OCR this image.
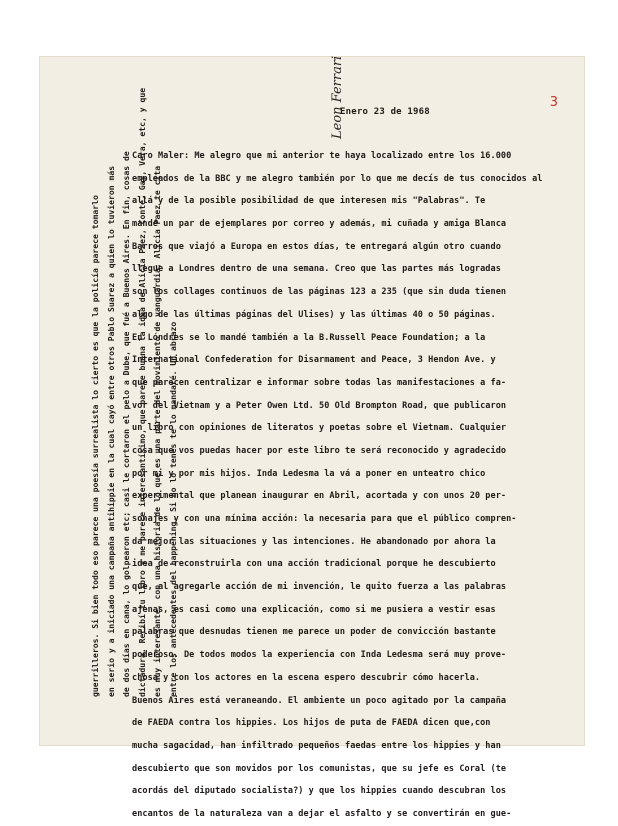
3
Enero 23 de 1968
Leon Ferrari
Caro Maler: Me alegro que mi anterior te haya localizado entre los 16.000
empleados de la BBC y me alegro también por lo que me decís de tus conocidos al
allá y de la posible posibilidad de que interesen mis "Palabras". Te
mandé un par de ejemplares por correo y además, mi cuñada y amiga Blanca
Barros que viajó a Europa en estos días, te entregará algún otro cuando
llegue a Londres dentro de una semana. Creo que las partes más logradas
son los collages continuos de las páginas 123 a 235 (que sin duda tienen
algo de las últimas páginas del Ulises) y las últimas 40 o 50 páginas.
En Lóndres se lo mandé también a la B.Russell Peace Foundation; a la
International Confederation for Disarmament and Peace, 3 Hendon Ave. y
que parecen centralizar e informar sobre todas las manifestaciones a fa-
vor del Vietnam y a Peter Owen Ltd. 50 Old Brompton Road, que publicaron
un libro con opiniones de literatos y poetas sobre el Vietnam. Cualquier
cosa que vos puedas hacer por este libro te será reconocido y agradecido
por mi y por mis hijos. Inda Ledesma la vá a poner en unteatro chico
experimental que planean inaugurar en Abril, acortada y con unos 20 per-
sonajes y con una mínima acción: la necesaria para que el público compren-
da mejor las situaciones y las intenciones. He abandonado por ahora la
idea de reconstruirla con una acción tradicional porque he descubierto
que, al agregarle acción de mi invención, le quito fuerza a las palabras
ajenas, es casi como una explicación, como si me pusiera a vestir esas
palabras que desnudas tienen me parece un poder de convicción bastante
poderoso. De todos modos la experiencia con Inda Ledesma será muy prove-
chosa y con los actores en la escena espero descubrir cómo hacerla.
Buenos Aires está veraneando. El ambiente un poco agitado por la campaña
de FAEDA contra los hippies. Los hijos de puta de FAEDA dicen que,con
mucha sagacidad, han infiltrado pequeños faedas entre los hippies y han
descubierto que son movidos por los comunistas, que su jefe es Coral (te
acordás del diputado socialista?) y que los hippies cuando descubran los
encantos de la naturaleza van a dejar el asfalto y se convertirán en gue-
guerrilleros. Si bien todo eso parece una poesía surrealista lo cierto es que la policía parece tomarlo en serio y a iniciado una campaña antihippie en la cual cayó entre otros Pablo Suarez a quien lo tuvieron más de dos días en cana, lo golpearon etc; casi le cortaron el pelo a Dube, que fué a Buenos Aires. En fin, cosas de dictadura. Recibí tu libro y me parece interesantísimo, que parece buena la idea de Alicia Paez, Conte, Gay, Vera, etc, y que es muy interesante, con una historia de lo que es una parte del movimiento de vanguardia; Alicia Paez te cita entre los antecedentes del happening. Si no lo tenés te lo mandaré. Un abrazo
